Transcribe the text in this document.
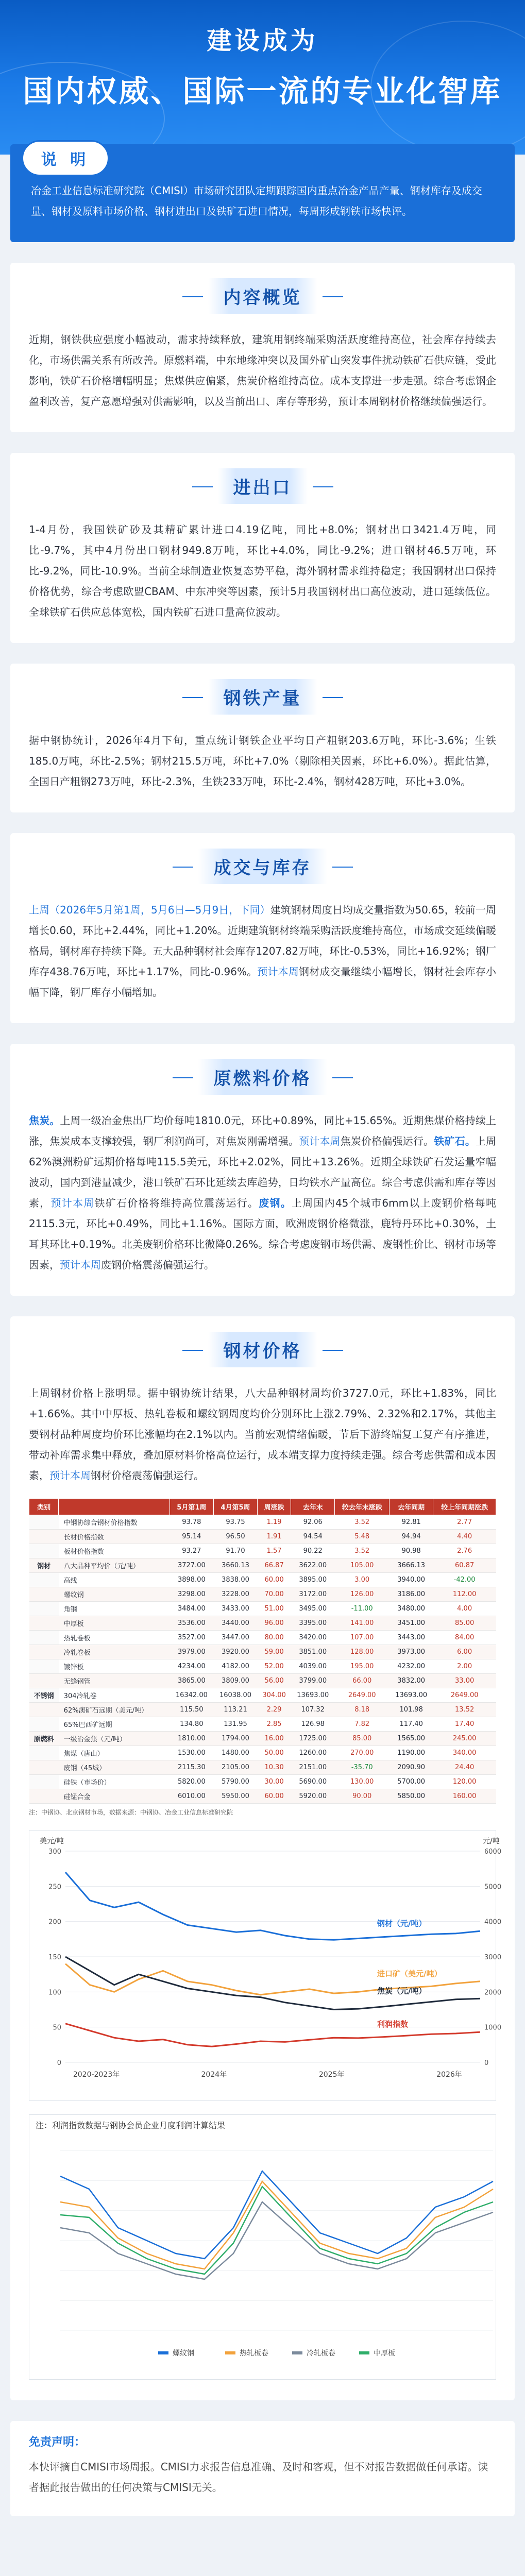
建设成为
国内权威、国际一流的专业化智库
说 明

冶金工业信息标准研究院（CMISI）市场研究团队定期跟踪国内重点冶金产品产量、钢材库存及成交量、钢材及原料市场价格、钢材进出口及铁矿石进口情况，每周形成钢铁市场快评。

内容概览

近期，钢铁供应强度小幅波动，需求持续释放，建筑用钢终端采购活跃度维持高位，社会库存持续去化，市场供需关系有所改善。原燃料端，中东地缘冲突以及国外矿山突发事件扰动铁矿石供应链，受此影响，铁矿石价格增幅明显；焦煤供应偏紧，焦炭价格维持高位。成本支撑进一步走强。综合考虑钢企盈利改善，复产意愿增强对供需影响，以及当前出口、库存等形势，预计本周钢材价格继续偏强运行。

进出口

1-4月份，我国铁矿砂及其精矿累计进口4.19亿吨，同比+8.0%；钢材出口3421.4万吨，同比-9.7%，其中4月份出口钢材949.8万吨，环比+4.0%，同比-9.2%；进口钢材46.5万吨，环比-9.2%，同比-10.9%。当前全球制造业恢复态势平稳，海外钢材需求维持稳定；我国钢材出口保持价格优势，综合考虑欧盟CBAM、中东冲突等因素，预计5月我国钢材出口高位波动，进口延续低位。全球铁矿石供应总体宽松，国内铁矿石进口量高位波动。

钢铁产量

据中钢协统计，2026年4月下旬，重点统计钢铁企业平均日产粗钢203.6万吨，环比-3.6%；生铁185.0万吨，环比-2.5%；钢材215.5万吨，环比+7.0%（剔除相关因素，环比+6.0%）。据此估算，全国日产粗钢273万吨，环比-2.3%，生铁233万吨，环比-2.4%，钢材428万吨，环比+3.0%。

成交与库存

上周（2026年5月第1周，5月6日—5月9日，下同）建筑钢材周度日均成交量指数为50.65，较前一周增长0.60，环比+2.44%，同比+1.20%。近期建筑钢材终端采购活跃度维持高位，市场成交延续偏暖格局，钢材库存持续下降。五大品种钢材社会库存1207.82万吨，环比-0.53%，同比+16.92%；钢厂库存438.76万吨，环比+1.17%，同比-0.96%。预计本周钢材成交量继续小幅增长，钢材社会库存小幅下降，钢厂库存小幅增加。

原燃料价格

焦炭。上周一级冶金焦出厂均价每吨1810.0元，环比+0.89%，同比+15.65%。近期焦煤价格持续上涨，焦炭成本支撑较强，钢厂利润尚可，对焦炭刚需增强。预计本周焦炭价格偏强运行。铁矿石。上周62%澳洲粉矿远期价格每吨115.5美元，环比+2.02%，同比+13.26%。近期全球铁矿石发运量窄幅波动，国内到港量减少，港口铁矿石环比延续去库趋势，日均铁水产量高位。综合考虑供需和库存等因素，预计本周铁矿石价格将维持高位震荡运行。废钢。上周国内45个城市6mm以上废钢价格每吨2115.3元，环比+0.49%，同比+1.16%。国际方面，欧洲废钢价格微涨，鹿特丹环比+0.30%，土耳其环比+0.19%。北美废钢价格环比微降0.26%。综合考虑废钢市场供需、废钢性价比、钢材市场等因素，预计本周废钢价格震荡偏强运行。

钢材价格

上周钢材价格上涨明显。据中钢协统计结果，八大品种钢材周均价3727.0元，环比+1.83%，同比+1.66%。其中中厚板、热轧卷板和螺纹钢周度均价分别环比上涨2.79%、2.32%和2.17%，其他主要钢材品种周度均价环比涨幅均在2.1%以内。当前宏观情绪偏暖，节后下游终端复工复产有序推进，带动补库需求集中释放，叠加原材料价格高位运行，成本端支撑力度持续走强。综合考虑供需和成本因素，预计本周钢材价格震荡偏强运行。

类别		5月第1周	4月第5周	周涨跌	去年末	较去年末涨跌	去年同期	较上年同期涨跌
	中钢协综合钢材价格指数	93.78	93.75	1.19	92.06	3.52	92.81	2.77
	长材价格指数	95.14	96.50	1.91	94.54	5.48	94.94	4.40
	板材价格指数	93.27	91.70	1.57	90.22	3.52	90.98	2.76
钢材	八大品种平均价（元/吨）	3727.00	3660.13	66.87	3622.00	105.00	3666.13	60.87
	高线	3898.00	3838.00	60.00	3895.00	3.00	3940.00	-42.00
	螺纹钢	3298.00	3228.00	70.00	3172.00	126.00	3186.00	112.00
	角钢	3484.00	3433.00	51.00	3495.00	-11.00	3480.00	4.00
	中厚板	3536.00	3440.00	96.00	3395.00	141.00	3451.00	85.00
	热轧卷板	3527.00	3447.00	80.00	3420.00	107.00	3443.00	84.00
	冷轧卷板	3979.00	3920.00	59.00	3851.00	128.00	3973.00	6.00
	镀锌板	4234.00	4182.00	52.00	4039.00	195.00	4232.00	2.00
	无缝钢管	3865.00	3809.00	56.00	3799.00	66.00	3832.00	33.00
不锈钢	304冷轧卷	16342.00	16038.00	304.00	13693.00	2649.00	13693.00	2649.00
	62%澳矿石远期（美元/吨）	115.50	113.21	2.29	107.32	8.18	101.98	13.52
	65%巴西矿远期	134.80	131.95	2.85	126.98	7.82	117.40	17.40
原燃料	一级冶金焦（元/吨）	1810.00	1794.00	16.00	1725.00	85.00	1565.00	245.00
	焦煤（唐山）	1530.00	1480.00	50.00	1260.00	270.00	1190.00	340.00
	废钢（45城）	2115.30	2105.00	10.30	2151.00	-35.70	2090.90	24.40
	硅铁（市场价）	5820.00	5790.00	30.00	5690.00	130.00	5700.00	120.00
	硅锰合金	6010.00	5950.00	60.00	5920.00	90.00	5850.00	160.00
注：中钢协、北京钢材市场，数据来源：中钢协、冶金工业信息标准研究院
美元/吨	元/吨
300	6000
250	5000
200	4000
150	3000
100	2000
50	1000
0	0
2020-2023年	2024年	2025年	2026年
钢材（元/吨）
进口矿（美元/吨）
焦炭（元/吨）
利润指数
注：利润指数数据与钢协会员企业月度利润计算结果
螺纹钢	热轧板卷	冷轧板卷	中厚板
免责声明：

本快评摘自CMISI市场周报。CMISI力求报告信息准确、及时和客观，但不对报告数据做任何承诺。读者据此报告做出的任何决策与CMISI无关。
